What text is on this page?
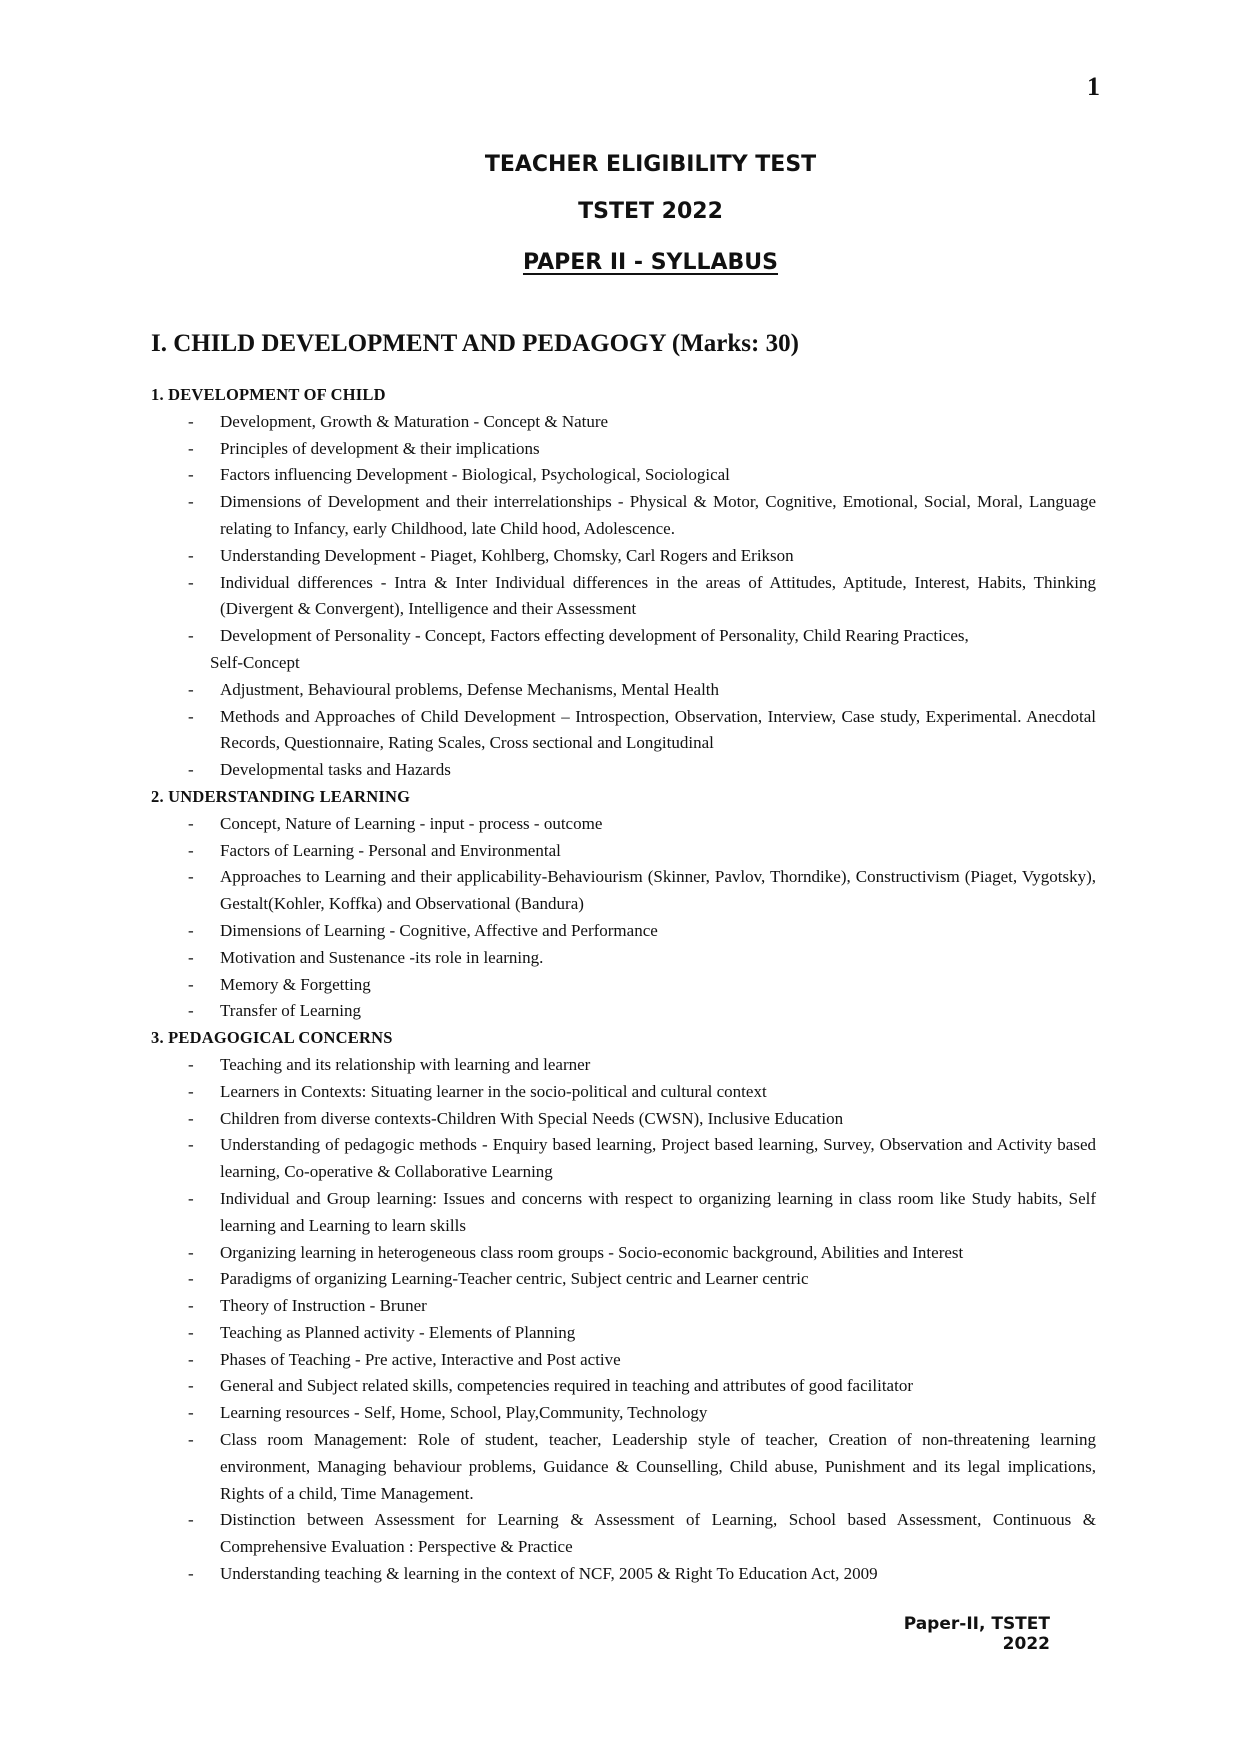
1
TEACHER ELIGIBILITY TEST
TSTET 2022
PAPER II - SYLLABUS
I. CHILD DEVELOPMENT AND PEDAGOGY (Marks: 30)
1. DEVELOPMENT OF CHILD
- Development, Growth & Maturation - Concept & Nature
- Principles of development & their implications
- Factors influencing Development - Biological, Psychological, Sociological
- Dimensions of Development and their interrelationships - Physical & Motor, Cognitive, Emotional, Social, Moral, Language relating to Infancy, early Childhood, late Child hood, Adolescence.
- Understanding Development - Piaget, Kohlberg, Chomsky, Carl Rogers and Erikson
- Individual differences - Intra & Inter Individual differences in the areas of Attitudes, Aptitude, Interest, Habits, Thinking (Divergent & Convergent), Intelligence and their Assessment
- Development of Personality - Concept, Factors effecting development of Personality, Child Rearing Practices,
Self-Concept
- Adjustment, Behavioural problems, Defense Mechanisms, Mental Health
- Methods and Approaches of Child Development – Introspection, Observation, Interview, Case study, Experimental. Anecdotal Records, Questionnaire, Rating Scales, Cross sectional and Longitudinal
- Developmental tasks and Hazards
2. UNDERSTANDING LEARNING
- Concept, Nature of Learning - input - process - outcome
- Factors of Learning - Personal and Environmental
- Approaches to Learning and their applicability-Behaviourism (Skinner, Pavlov, Thorndike), Constructivism (Piaget, Vygotsky), Gestalt(Kohler, Koffka) and Observational (Bandura)
- Dimensions of Learning - Cognitive, Affective and Performance
- Motivation and Sustenance -its role in learning.
- Memory & Forgetting
- Transfer of Learning
3. PEDAGOGICAL CONCERNS
- Teaching and its relationship with learning and learner
- Learners in Contexts: Situating learner in the socio-political and cultural context
- Children from diverse contexts-Children With Special Needs (CWSN), Inclusive Education
- Understanding of pedagogic methods - Enquiry based learning, Project based learning, Survey, Observation and Activity based learning, Co-operative & Collaborative Learning
- Individual and Group learning: Issues and concerns with respect to organizing learning in class room like Study habits, Self learning and Learning to learn skills
- Organizing learning in heterogeneous class room groups - Socio-economic background, Abilities and Interest
- Paradigms of organizing Learning-Teacher centric, Subject centric and Learner centric
- Theory of Instruction - Bruner
- Teaching as Planned activity - Elements of Planning
- Phases of Teaching - Pre active, Interactive and Post active
- General and Subject related skills, competencies required in teaching and attributes of good facilitator
- Learning resources - Self, Home, School, Play,Community, Technology
- Class room Management: Role of student, teacher, Leadership style of teacher, Creation of non-threatening learning environment, Managing behaviour problems, Guidance & Counselling, Child abuse, Punishment and its legal implications, Rights of a child, Time Management.
- Distinction between Assessment for Learning & Assessment of Learning, School based Assessment, Continuous & Comprehensive Evaluation : Perspective & Practice
- Understanding teaching & learning in the context of NCF, 2005 & Right To Education Act, 2009
Paper-II, TSTET 2022
